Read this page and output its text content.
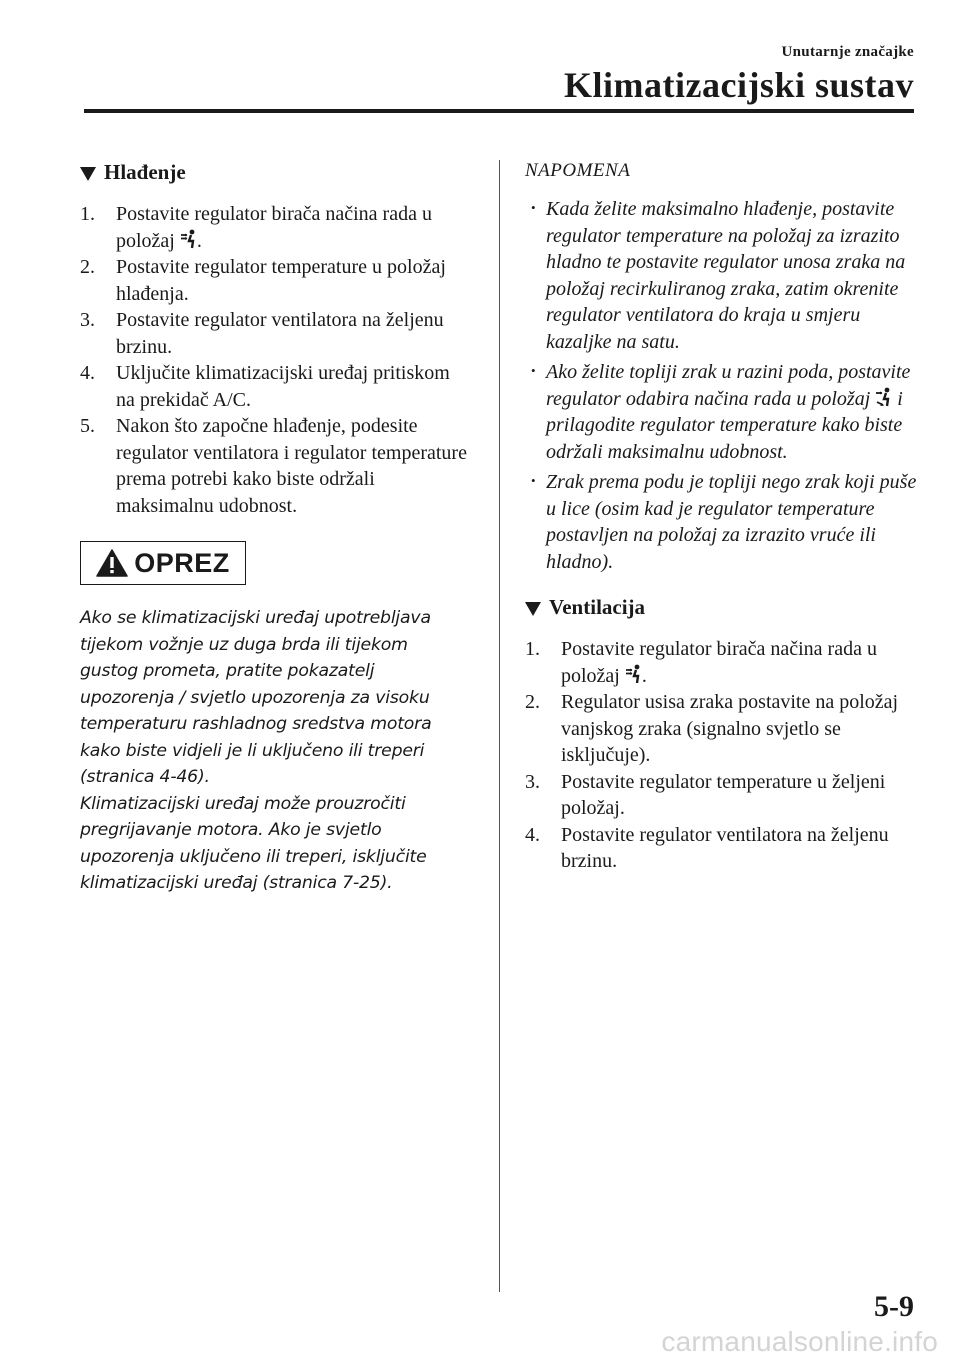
Unutarnje značajke
Klimatizacijski sustav
Hlađenje
1. Postavite regulator birača načina rada u položaj .
2. Postavite regulator temperature u položaj hlađenja.
3. Postavite regulator ventilatora na željenu brzinu.
4. Uključite klimatizacijski uređaj pritiskom na prekidač A/C.
5. Nakon što započne hlađenje, podesite regulator ventilatora i regulator temperature prema potrebi kako biste održali maksimalnu udobnost.
OPREZ
Ako se klimatizacijski uređaj upotrebljava tijekom vožnje uz duga brda ili tijekom gustog prometa, pratite pokazatelj upozorenja / svjetlo upozorenja za visoku temperaturu rashladnog sredstva motora kako biste vidjeli je li uključeno ili treperi (stranica 4-46).
Klimatizacijski uređaj može prouzročiti pregrijavanje motora. Ako je svjetlo upozorenja uključeno ili treperi, isključite klimatizacijski uređaj (stranica 7-25).
NAPOMENA
• Kada želite maksimalno hlađenje, postavite regulator temperature na položaj za izrazito hladno te postavite regulator unosa zraka na položaj recirkuliranog zraka, zatim okrenite regulator ventilatora do kraja u smjeru kazaljke na satu.
• Ako želite topliji zrak u razini poda, postavite regulator odabira načina rada u položaj i prilagodite regulator temperature kako biste održali maksimalnu udobnost.
• Zrak prema podu je topliji nego zrak koji puše u lice (osim kad je regulator temperature postavljen na položaj za izrazito vruće ili hladno).
Ventilacija
1. Postavite regulator birača načina rada u položaj .
2. Regulator usisa zraka postavite na položaj vanjskog zraka (signalno svjetlo se isključuje).
3. Postavite regulator temperature u željeni položaj.
4. Postavite regulator ventilatora na željenu brzinu.
5-9
carmanualsonline.info
